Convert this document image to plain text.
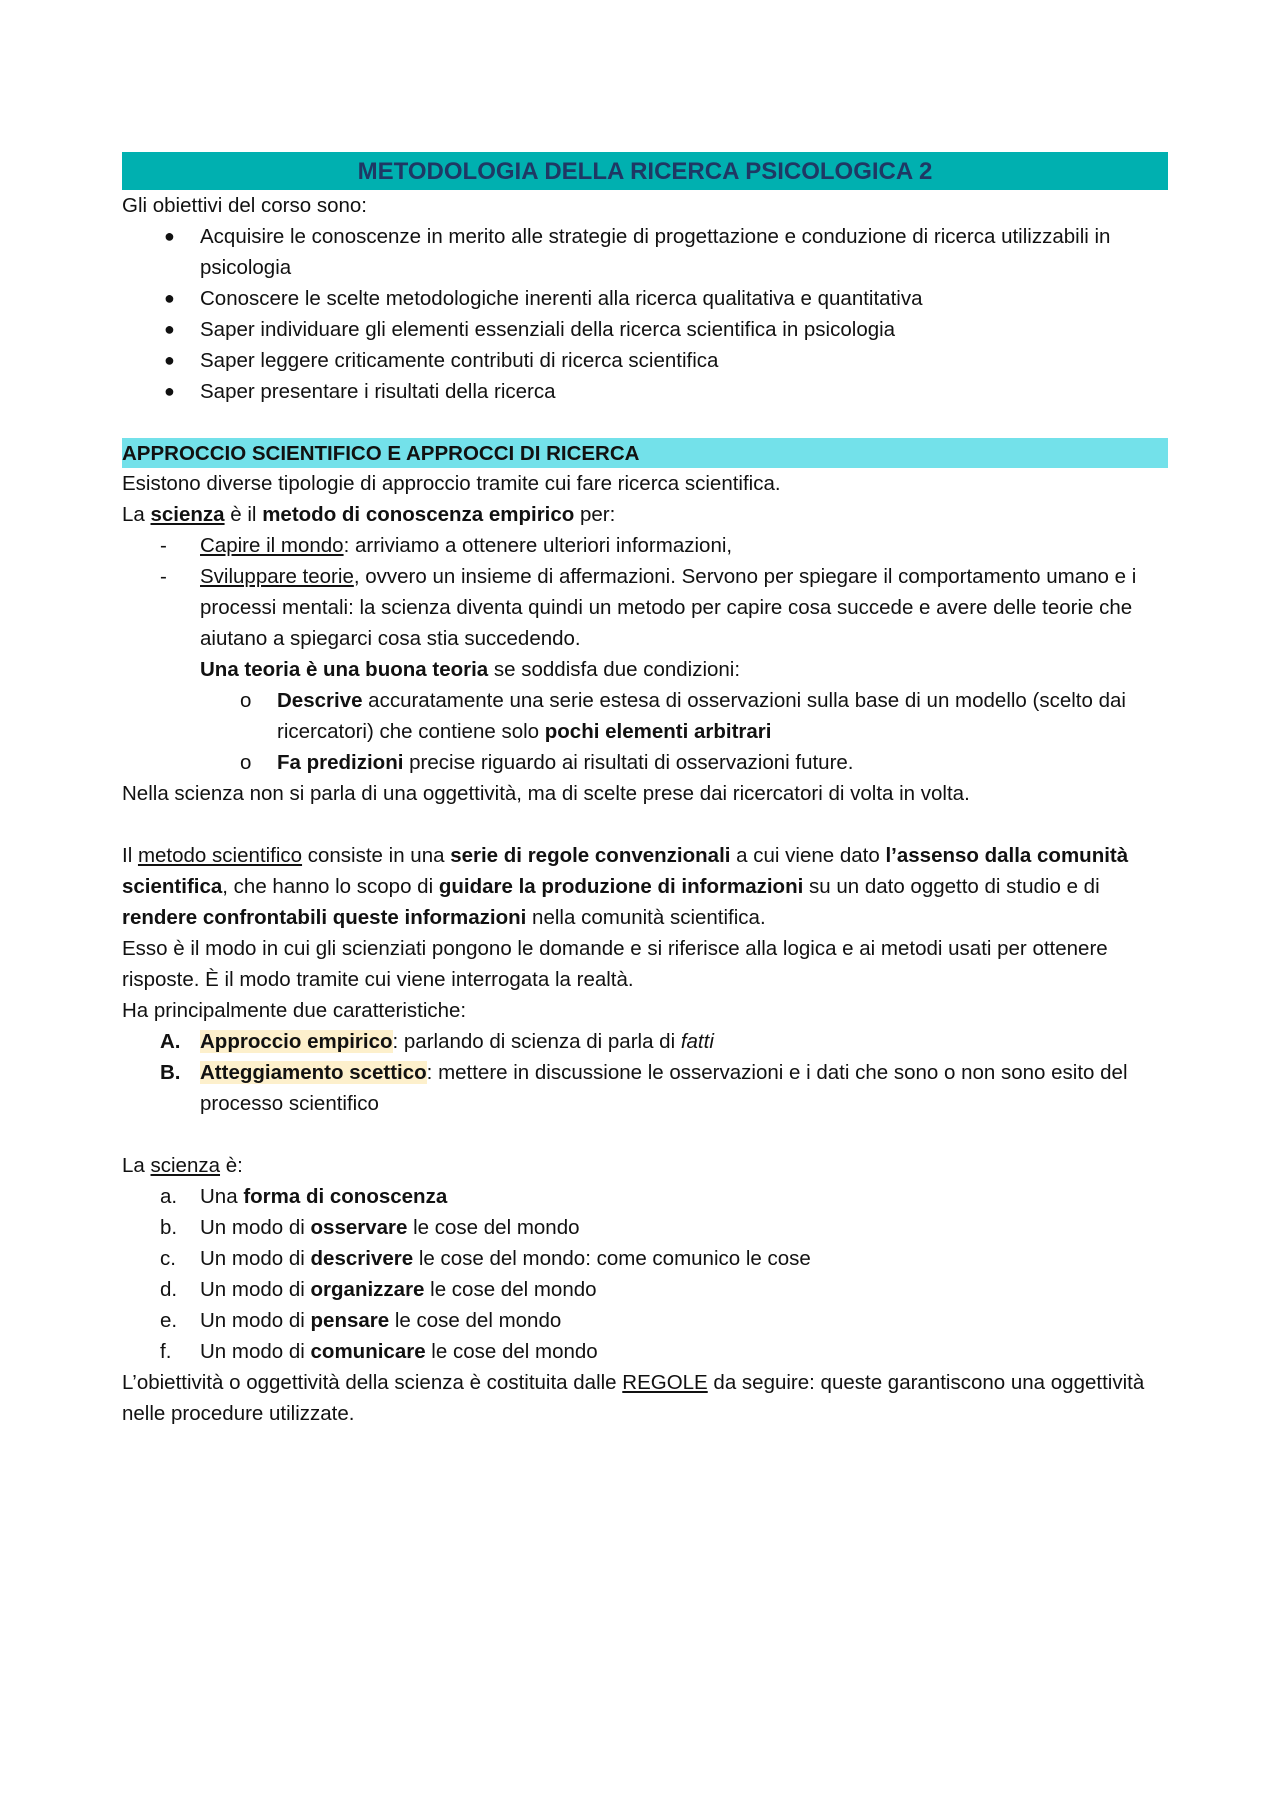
METODOLOGIA DELLA RICERCA PSICOLOGICA 2

Gli obiettivi del corso sono:

●	Acquisire le conoscenze in merito alle strategie di progettazione e conduzione di ricerca utilizzabili in psicologia
●	Conoscere le scelte metodologiche inerenti alla ricerca qualitativa e quantitativa
●	Saper individuare gli elementi essenziali della ricerca scientifica in psicologia
●	Saper leggere criticamente contributi di ricerca scientifica
●	Saper presentare i risultati della ricerca
APPROCCIO SCIENTIFICO E APPROCCI DI RICERCA

Esistono diverse tipologie di approccio tramite cui fare ricerca scientifica.

La scienza è il metodo di conoscenza empirico per:

-	Capire il mondo: arriviamo a ottenere ulteriori informazioni,
-	Sviluppare teorie, ovvero un insieme di affermazioni. Servono per spiegare il comportamento umano e i processi mentali: la scienza diventa quindi un metodo per capire cosa succede e avere delle teorie che aiutano a spiegarci cosa stia succedendo.

Una teoria è una buona teoria se soddisfa due condizioni:

o Descrive accuratamente una serie estesa di osservazioni sulla base di un modello (scelto dai ricercatori) che contiene solo pochi elementi arbitrari
o Fa predizioni precise riguardo ai risultati di osservazioni future.

Nella scienza non si parla di una oggettività, ma di scelte prese dai ricercatori di volta in volta.

Il metodo scientifico consiste in una serie di regole convenzionali a cui viene dato l’assenso dalla comunità scientifica, che hanno lo scopo di guidare la produzione di informazioni su un dato oggetto di studio e di rendere confrontabili queste informazioni nella comunità scientifica.

Esso è il modo in cui gli scienziati pongono le domande e si riferisce alla logica e ai metodi usati per ottenere risposte. È il modo tramite cui viene interrogata la realtà.

Ha principalmente due caratteristiche:

A. Approccio empirico: parlando di scienza di parla di fatti
B. Atteggiamento scettico: mettere in discussione le osservazioni e i dati che sono o non sono esito del processo scientifico

La scienza è:

a.	Una forma di conoscenza
b.	Un modo di osservare le cose del mondo
c.	Un modo di descrivere le cose del mondo: come comunico le cose
d.	Un modo di organizzare le cose del mondo
e.	Un modo di pensare le cose del mondo
f.	Un modo di comunicare le cose del mondo

L’obiettività o oggettività della scienza è costituita dalle REGOLE da seguire: queste garantiscono una oggettività nelle procedure utilizzate.
